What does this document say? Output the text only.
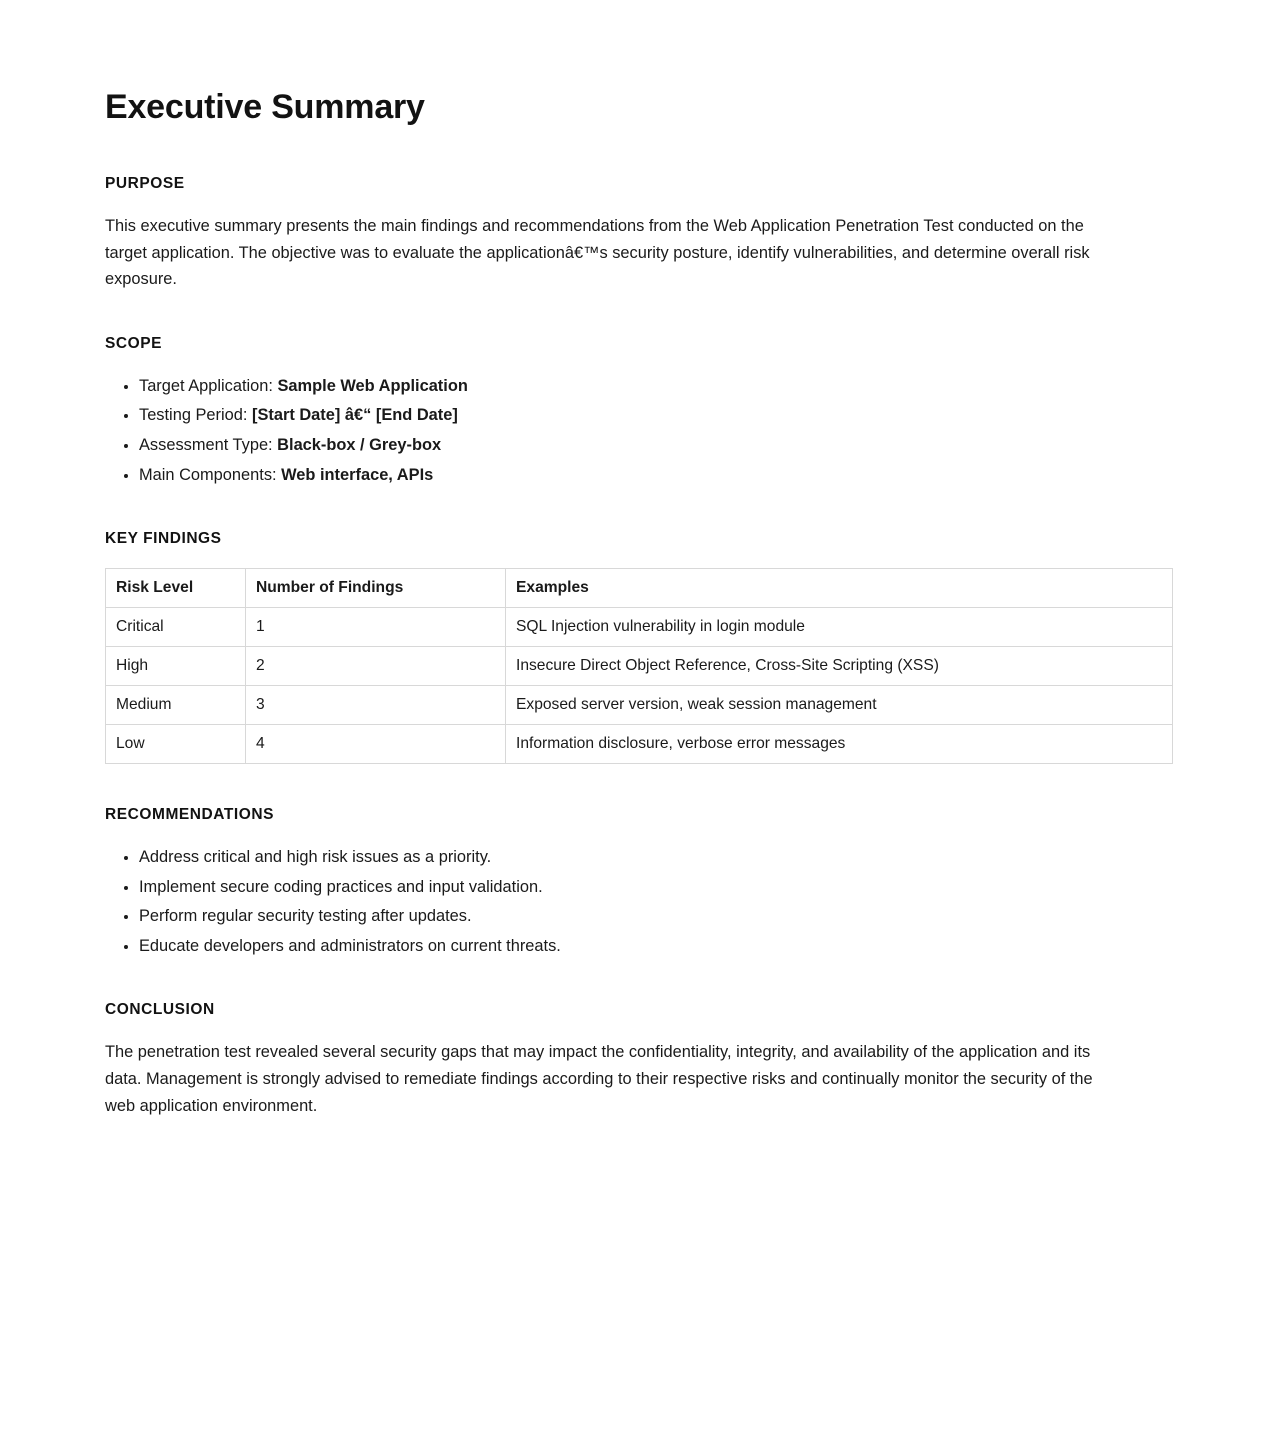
Executive Summary
PURPOSE

This executive summary presents the main findings and recommendations from the Web Application Penetration Test conducted on the target application. The objective was to evaluate the applicationâ€™s security posture, identify vulnerabilities, and determine overall risk exposure.

SCOPE
• Target Application: Sample Web Application
• Testing Period: [Start Date] â€“ [End Date]
• Assessment Type: Black-box / Grey-box
• Main Components: Web interface, APIs
KEY FINDINGS
Risk Level	Number of Findings	Examples
Critical	1	SQL Injection vulnerability in login module
High	2	Insecure Direct Object Reference, Cross-Site Scripting (XSS)
Medium	3	Exposed server version, weak session management
Low	4	Information disclosure, verbose error messages
RECOMMENDATIONS
• Address critical and high risk issues as a priority.
• Implement secure coding practices and input validation.
• Perform regular security testing after updates.
• Educate developers and administrators on current threats.
CONCLUSION

The penetration test revealed several security gaps that may impact the confidentiality, integrity, and availability of the application and its data. Management is strongly advised to remediate findings according to their respective risks and continually monitor the security of the web application environment.
